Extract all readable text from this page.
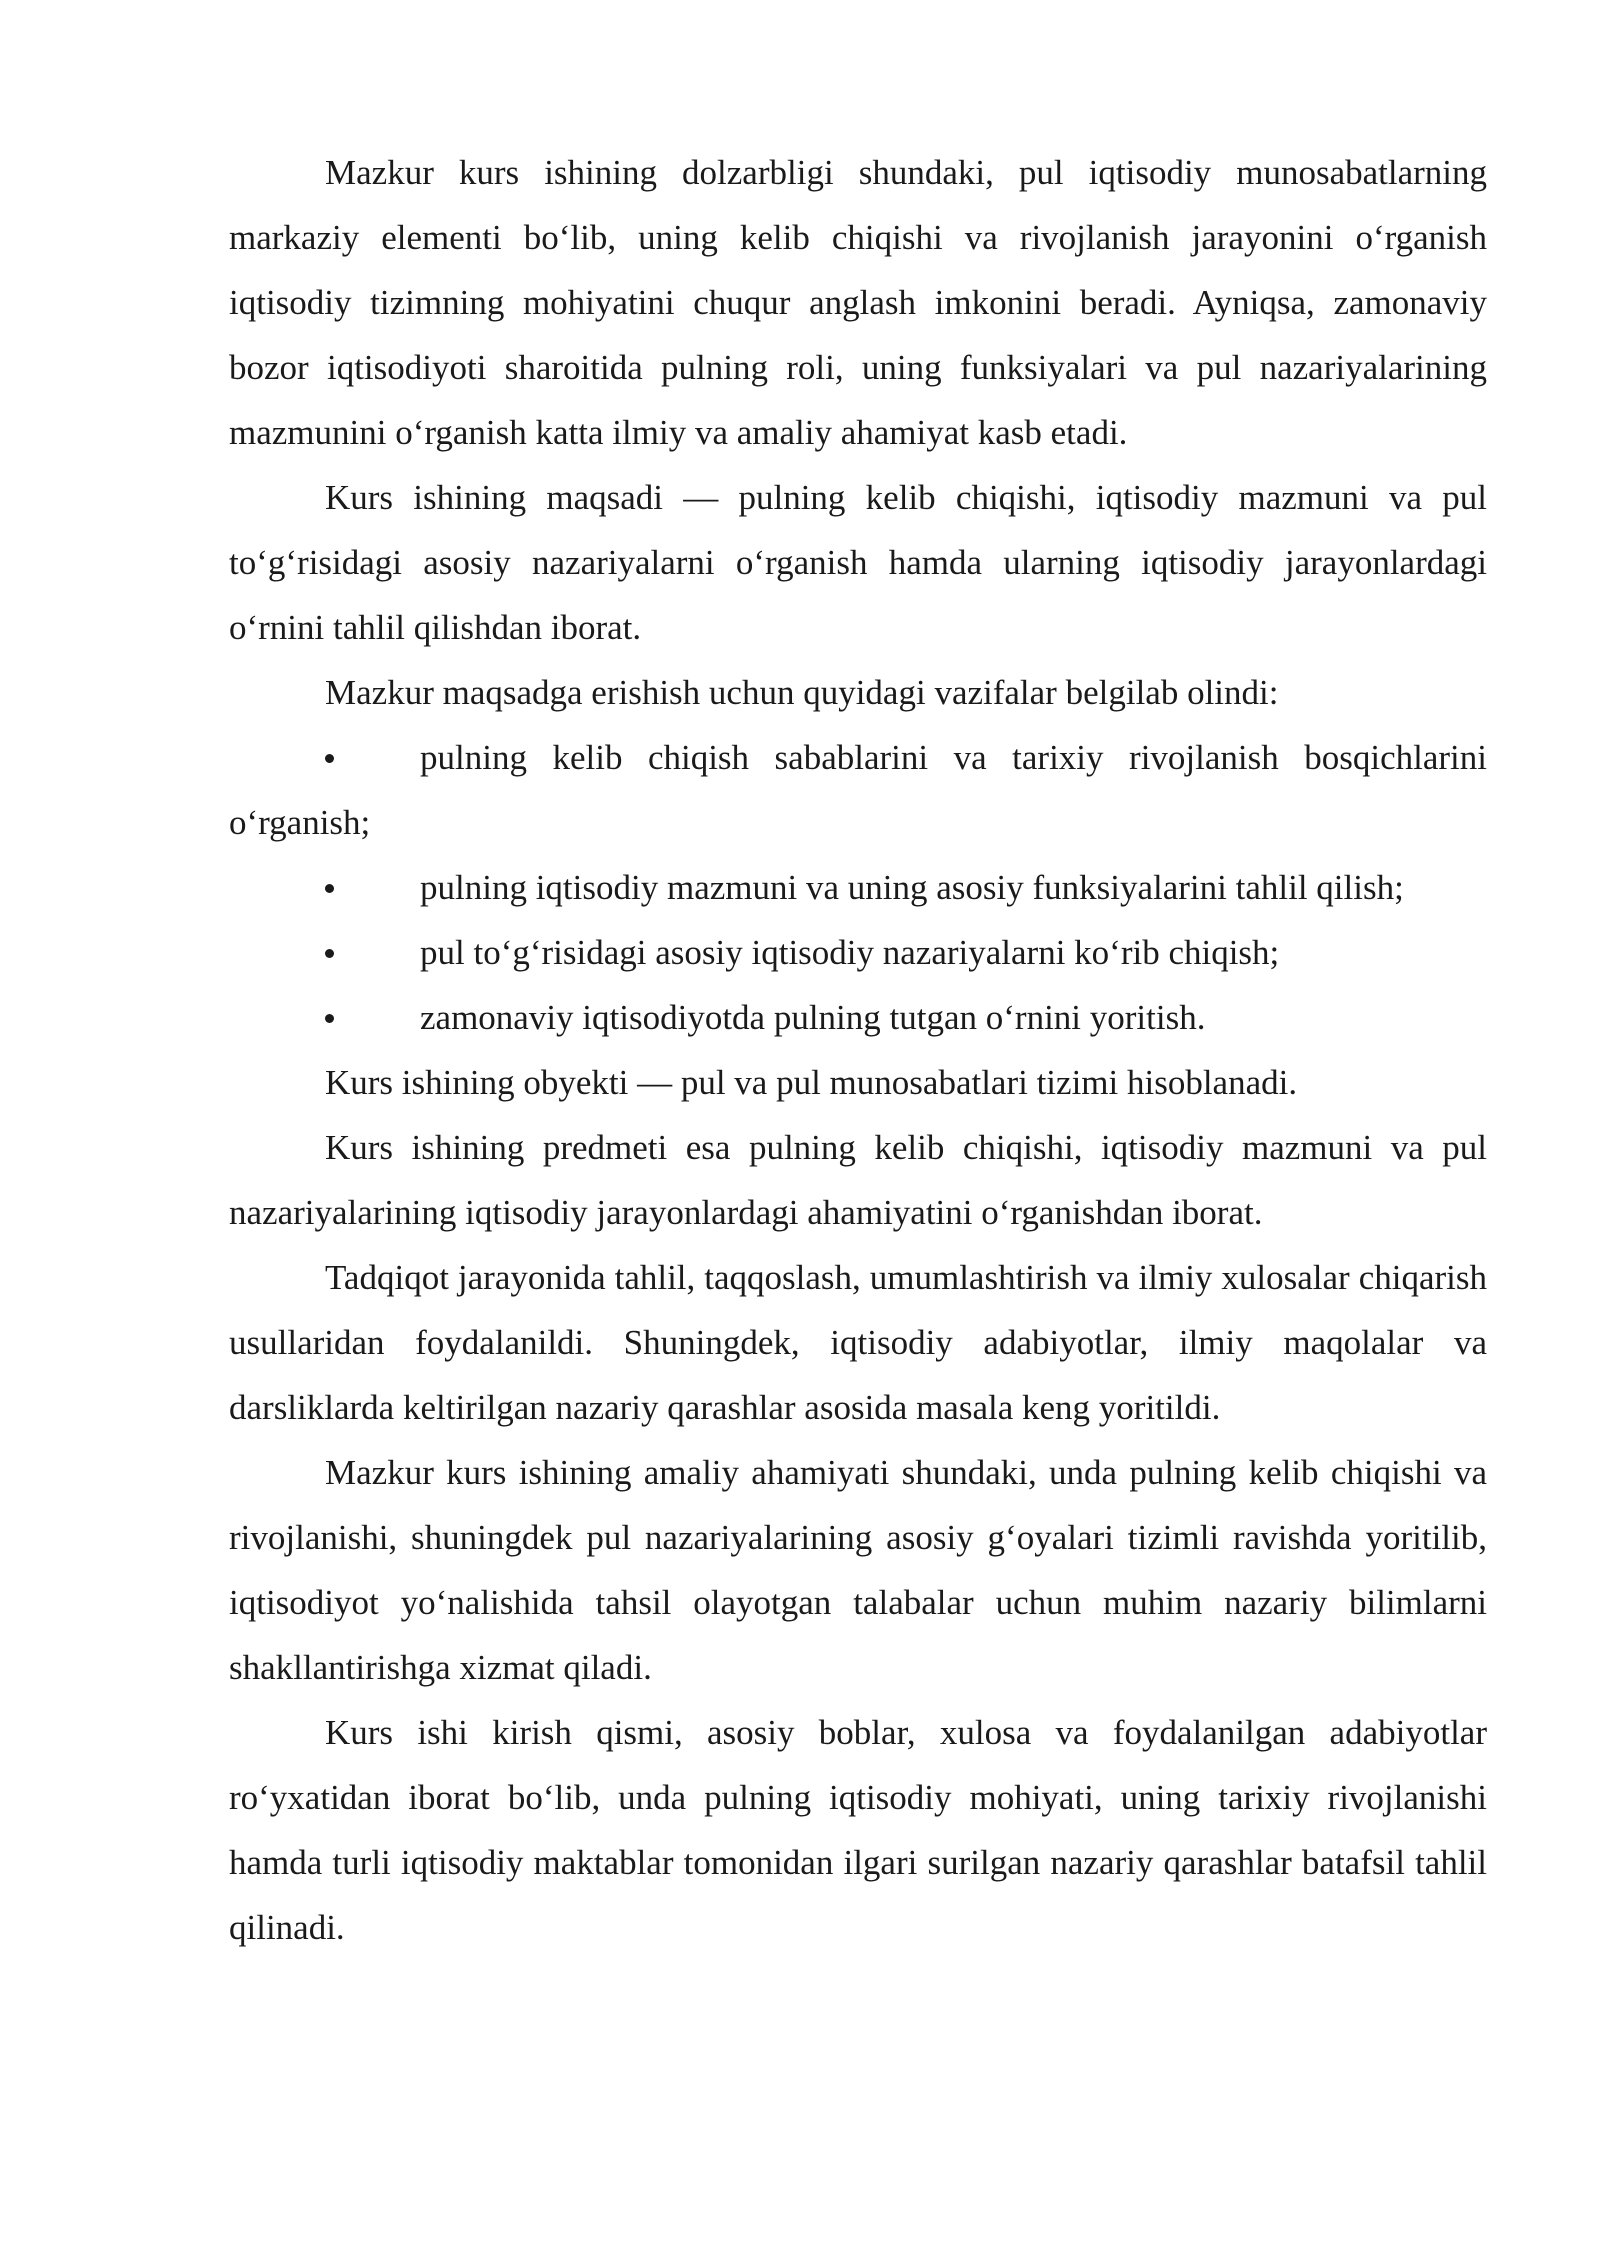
Mazkur kurs ishining dolzarbligi shundaki, pul iqtisodiy munosabatlarning markaziy elementi bo‘lib, uning kelib chiqishi va rivojlanish jarayonini o‘rganish iqtisodiy tizimning mohiyatini chuqur anglash imkonini beradi. Ayniqsa, zamonaviy bozor iqtisodiyoti sharoitida pulning roli, uning funksiyalari va pul nazariyalarining mazmunini o‘rganish katta ilmiy va amaliy ahamiyat kasb etadi.

Kurs ishining maqsadi — pulning kelib chiqishi, iqtisodiy mazmuni va pul to‘g‘risidagi asosiy nazariyalarni o‘rganish hamda ularning iqtisodiy jarayonlardagi o‘rnini tahlil qilishdan iborat.

Mazkur maqsadga erishish uchun quyidagi vazifalar belgilab olindi:

pulning kelib chiqish sabablarini va tarixiy rivojlanish bosqichlarini o‘rganish;

pulning iqtisodiy mazmuni va uning asosiy funksiyalarini tahlil qilish;

pul to‘g‘risidagi asosiy iqtisodiy nazariyalarni ko‘rib chiqish;

zamonaviy iqtisodiyotda pulning tutgan o‘rnini yoritish.

Kurs ishining obyekti — pul va pul munosabatlari tizimi hisoblanadi.

Kurs ishining predmeti esa pulning kelib chiqishi, iqtisodiy mazmuni va pul nazariyalarining iqtisodiy jarayonlardagi ahamiyatini o‘rganishdan iborat.

Tadqiqot jarayonida tahlil, taqqoslash, umumlashtirish va ilmiy xulosalar chiqarish usullaridan foydalanildi. Shuningdek, iqtisodiy adabiyotlar, ilmiy maqolalar va darsliklarda keltirilgan nazariy qarashlar asosida masala keng yoritildi.

Mazkur kurs ishining amaliy ahamiyati shundaki, unda pulning kelib chiqishi va rivojlanishi, shuningdek pul nazariyalarining asosiy g‘oyalari tizimli ravishda yoritilib, iqtisodiyot yo‘nalishida tahsil olayotgan talabalar uchun muhim nazariy bilimlarni shakllantirishga xizmat qiladi.

Kurs ishi kirish qismi, asosiy boblar, xulosa va foydalanilgan adabiyotlar ro‘yxatidan iborat bo‘lib, unda pulning iqtisodiy mohiyati, uning tarixiy rivojlanishi hamda turli iqtisodiy maktablar tomonidan ilgari surilgan nazariy qarashlar batafsil tahlil qilinadi.
